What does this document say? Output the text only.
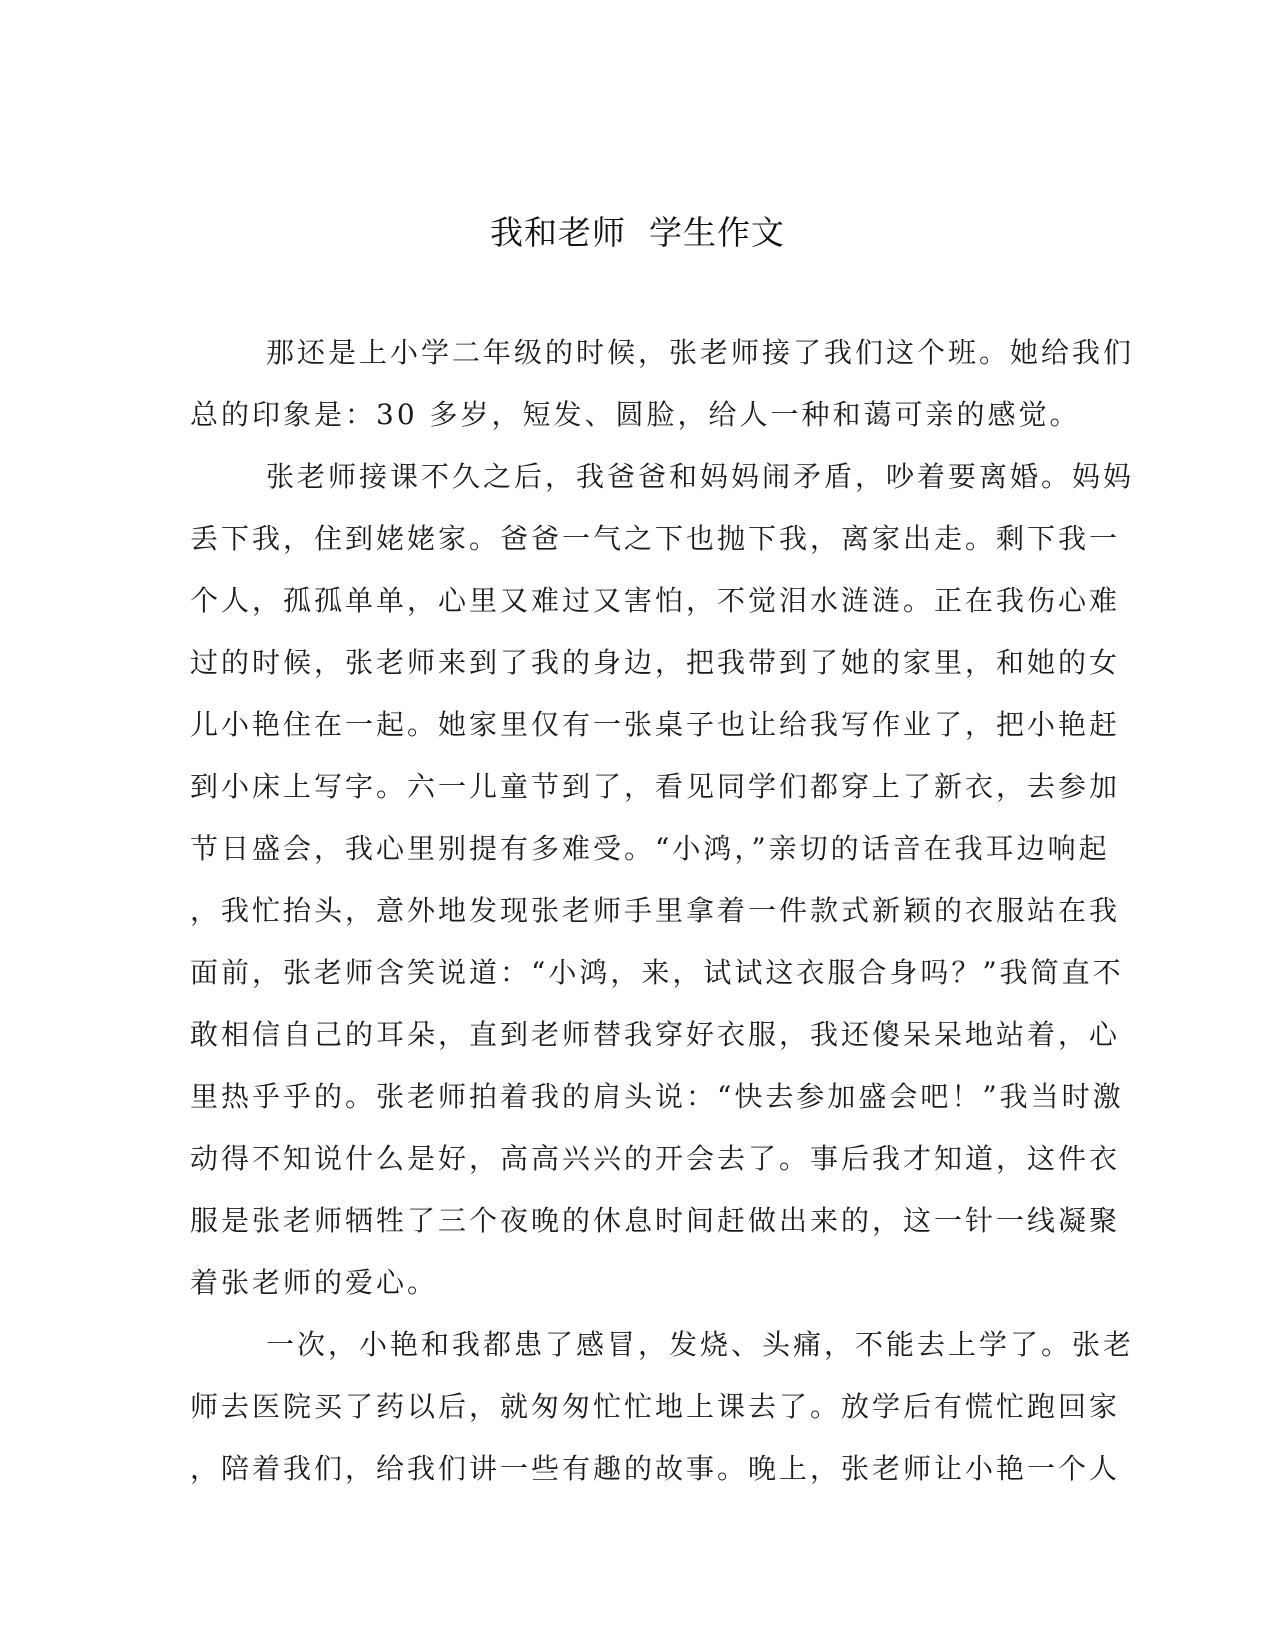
我和老师  学生作文
那还是上小学二年级的时候，张老师接了我们这个班。她给我们
总的印象是：30 多岁，短发、圆脸，给人一种和蔼可亲的感觉。
张老师接课不久之后，我爸爸和妈妈闹矛盾，吵着要离婚。妈妈
丢下我，住到姥姥家。爸爸一气之下也抛下我，离家出走。剩下我一
个人，孤孤单单，心里又难过又害怕，不觉泪水涟涟。正在我伤心难
过的时候，张老师来到了我的身边，把我带到了她的家里，和她的女
儿小艳住在一起。她家里仅有一张桌子也让给我写作业了，把小艳赶
到小床上写字。六一儿童节到了，看见同学们都穿上了新衣，去参加
节日盛会，我心里别提有多难受。“小鸿，”亲切的话音在我耳边响起
，我忙抬头，意外地发现张老师手里拿着一件款式新颖的衣服站在我
面前，张老师含笑说道：“小鸿，来，试试这衣服合身吗？”我简直不
敢相信自己的耳朵，直到老师替我穿好衣服，我还傻呆呆地站着，心
里热乎乎的。张老师拍着我的肩头说：“快去参加盛会吧！”我当时激
动得不知说什么是好，高高兴兴的开会去了。事后我才知道，这件衣
服是张老师牺牲了三个夜晚的休息时间赶做出来的，这一针一线凝聚
着张老师的爱心。
一次，小艳和我都患了感冒，发烧、头痛，不能去上学了。张老
师去医院买了药以后，就匆匆忙忙地上课去了。放学后有慌忙跑回家
，陪着我们，给我们讲一些有趣的故事。晚上，张老师让小艳一个人
